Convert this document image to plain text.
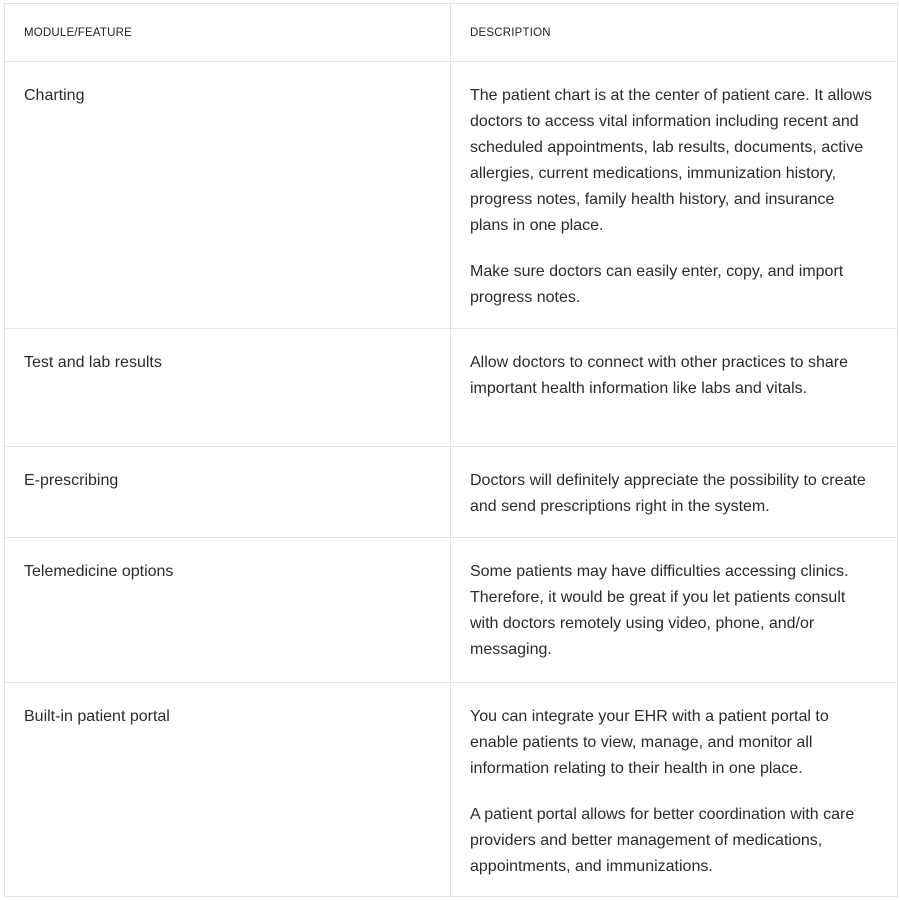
MODULE/FEATURE	DESCRIPTION

Charting	The patient chart is at the center of patient care. It allows doctors to access vital information including recent and scheduled appointments, lab results, documents, active allergies, current medications, immunization history, progress notes, family health history, and insurance plans in one place.

Make sure doctors can easily enter, copy, and import progress notes.

Test and lab results	Allow doctors to connect with other practices to share important health information like labs and vitals.

E-prescribing	Doctors will definitely appreciate the possibility to create and send prescriptions right in the system.

Telemedicine options	Some patients may have difficulties accessing clinics. Therefore, it would be great if you let patients consult with doctors remotely using video, phone, and/or messaging.

Built-in patient portal	You can integrate your EHR with a patient portal to enable patients to view, manage, and monitor all information relating to their health in one place.

A patient portal allows for better coordination with care providers and better management of medications, appointments, and immunizations.
